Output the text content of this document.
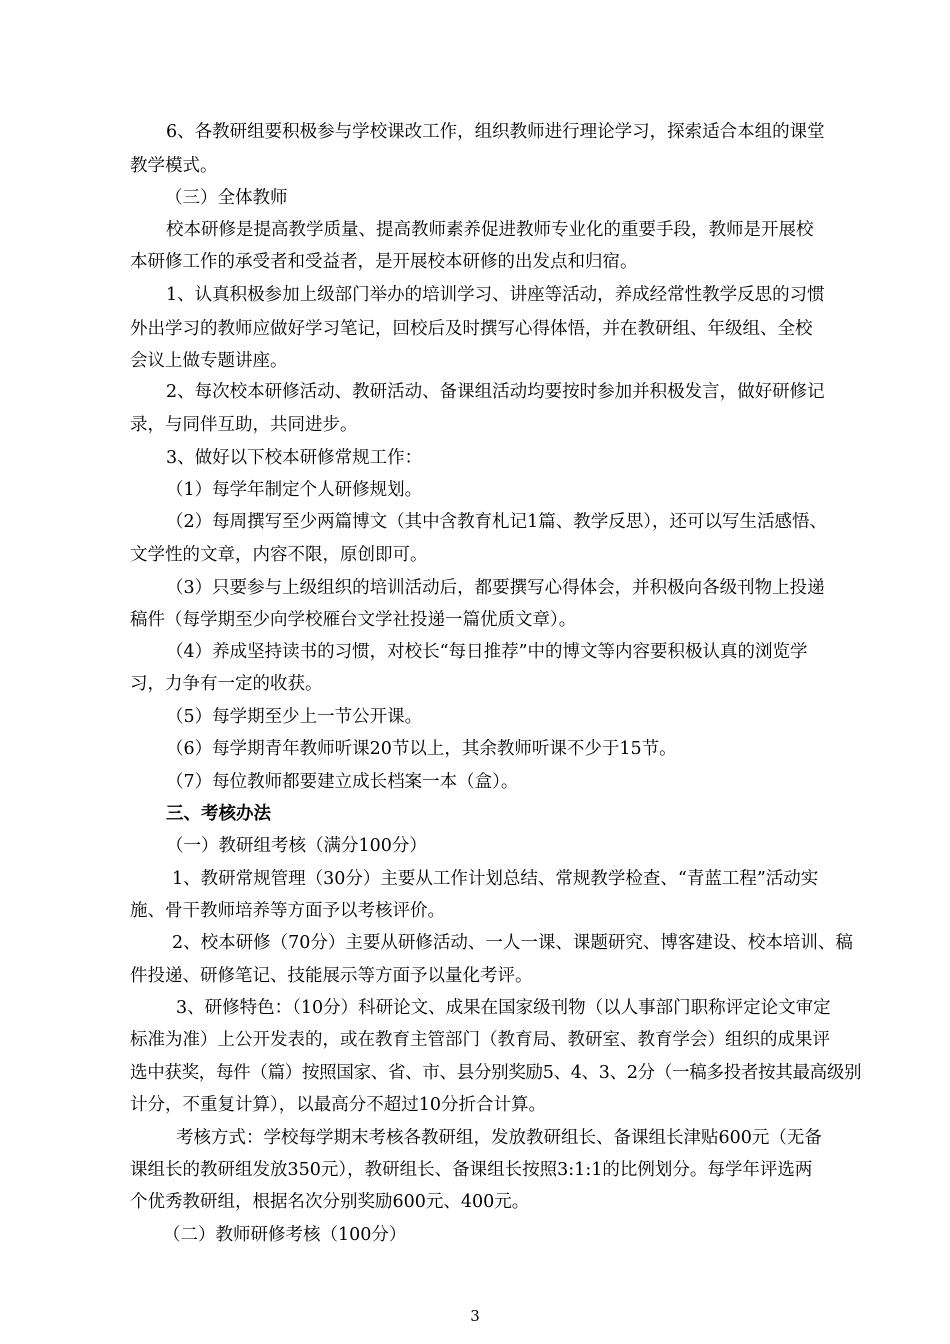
6、各教研组要积极参与学校课改工作，组织教师进行理论学习，探索适合本组的课堂
教学模式。
（三）全体教师
校本研修是提高教学质量、提高教师素养促进教师专业化的重要手段，教师是开展校
本研修工作的承受者和受益者，是开展校本研修的出发点和归宿。
1、认真积极参加上级部门举办的培训学习、讲座等活动，养成经常性教学反思的习惯
外出学习的教师应做好学习笔记，回校后及时撰写心得体悟，并在教研组、年级组、全校
会议上做专题讲座。
2、每次校本研修活动、教研活动、备课组活动均要按时参加并积极发言，做好研修记
录，与同伴互助，共同进步。
3、做好以下校本研修常规工作：
（1）每学年制定个人研修规划。
（2）每周撰写至少两篇博文（其中含教育札记1篇、教学反思），还可以写生活感悟、
文学性的文章，内容不限，原创即可。
（3）只要参与上级组织的培训活动后，都要撰写心得体会，并积极向各级刊物上投递
稿件（每学期至少向学校雁台文学社投递一篇优质文章）。
（4）养成坚持读书的习惯，对校长“每日推荐”中的博文等内容要积极认真的浏览学
习，力争有一定的收获。
（5）每学期至少上一节公开课。
（6）每学期青年教师听课20节以上，其余教师听课不少于15节。
（7）每位教师都要建立成长档案一本（盒）。
三、考核办法
（一）教研组考核（满分100分）
1、教研常规管理（30分）主要从工作计划总结、常规教学检查、“青蓝工程”活动实
施、骨干教师培养等方面予以考核评价。
2、校本研修（70分）主要从研修活动、一人一课、课题研究、博客建设、校本培训、稿
件投递、研修笔记、技能展示等方面予以量化考评。
3、研修特色：（10分）科研论文、成果在国家级刊物（以人事部门职称评定论文审定
标准为准）上公开发表的，或在教育主管部门（教育局、教研室、教育学会）组织的成果评
选中获奖，每件（篇）按照国家、省、市、县分别奖励5、4、3、2分（一稿多投者按其最高级别
计分，不重复计算），以最高分不超过10分折合计算。
考核方式：学校每学期末考核各教研组，发放教研组长、备课组长津贴600元（无备
课组长的教研组发放350元），教研组长、备课组长按照3:1:1的比例划分。每学年评选两
个优秀教研组，根据名次分别奖励600元、400元。
（二）教师研修考核（100分）
3
